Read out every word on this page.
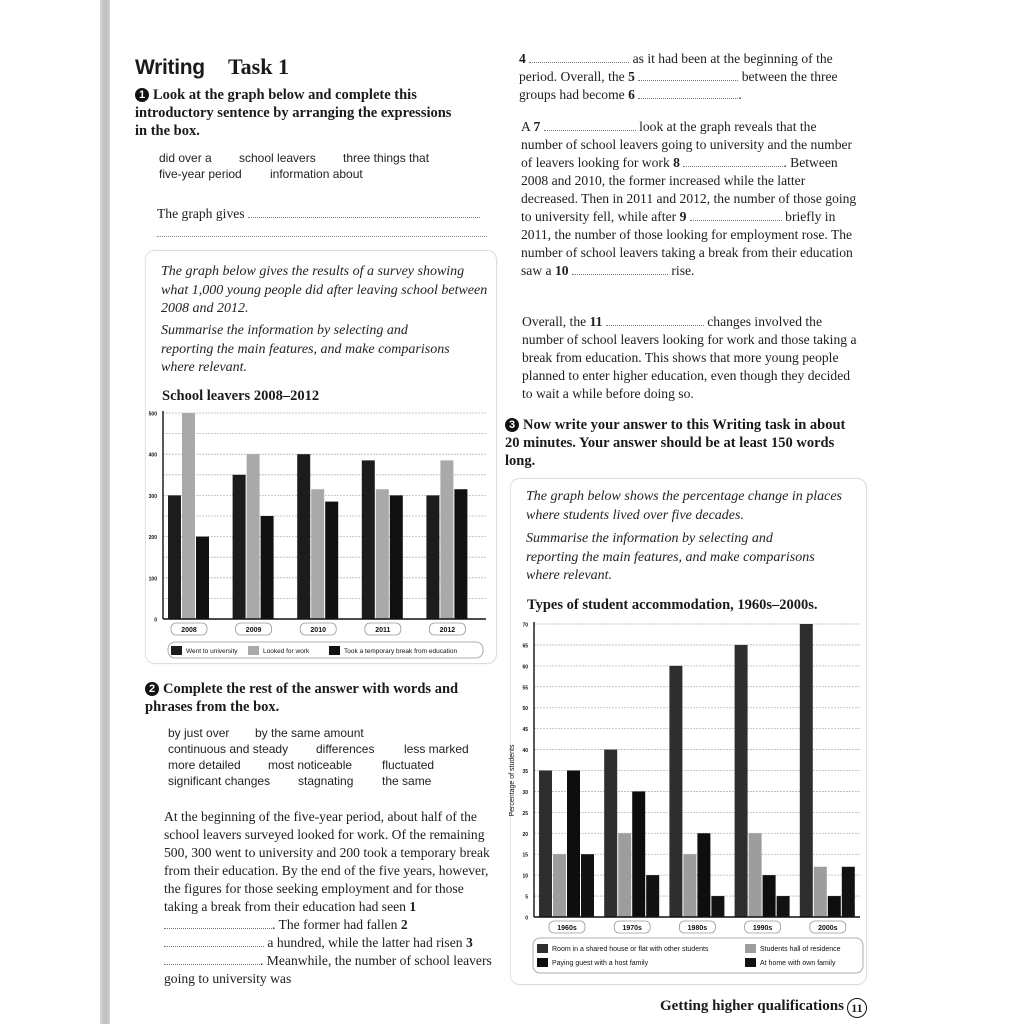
Writing Task 1
1 Look at the graph below and complete this introductory sentence by arranging the expressions in the box.
did over a school leavers three things that
five-year period information about
The graph gives
The graph below gives the results of a survey showing what 1,000 young people did after leaving school between 2008 and 2012.
Summarise the information by selecting and reporting the main features, and make comparisons where relevant.
School leavers 2008–2012
0
100
200
300
400
500
2008	2009	2010	2011	2012
Went to university	Looked for work	Took a temporary break from education
2 Complete the rest of the answer with words and phrases from the box.
by just over by the same amount
continuous and steady differences less marked
more detailed most noticeable fluctuated
significant changes stagnating the same
At the beginning of the five-year period, about half of the school leavers surveyed looked for work. Of the remaining 500, 300 went to university and 200 took a temporary break from their education. By the end of the five years, however, the figures for those seeking employment and for those taking a break from their education had seen 1 . The former had fallen 2  a hundred, while the latter had risen 3 . Meanwhile, the number of school leavers going to university was
4	as it had been at the beginning of the period. Overall, the 5	between the three groups had become 6	.
A 7	look at the graph reveals that the number of school leavers going to university and the number of leavers looking for work 8	. Between 2008 and 2010, the former increased while the latter decreased. Then in 2011 and 2012, the number of those going to university fell, while after 9	briefly in 2011, the number of those looking for employment rose. The number of school leavers taking a break from their education saw a 10	rise.
Overall, the 11	changes involved the number of school leavers looking for work and those taking a break from education. This shows that more young people planned to enter higher education, even though they decided to wait a while before doing so.
3 Now write your answer to this Writing task in about 20 minutes. Your answer should be at least 150 words long.
The graph below shows the percentage change in places where students lived over five decades.
Summarise the information by selecting and reporting the main features, and make comparisons where relevant.
Types of student accommodation, 1960s–2000s.
0
5
10
15
20
25
30
35
40
45
50
55
60
65
70
Percentage of students
1960s	1970s	1980s	1990s	2000s
Room in a shared house or flat with other students	Students hall of residence
Paying guest with a host family	At home with own family
Getting higher qualifications 11
